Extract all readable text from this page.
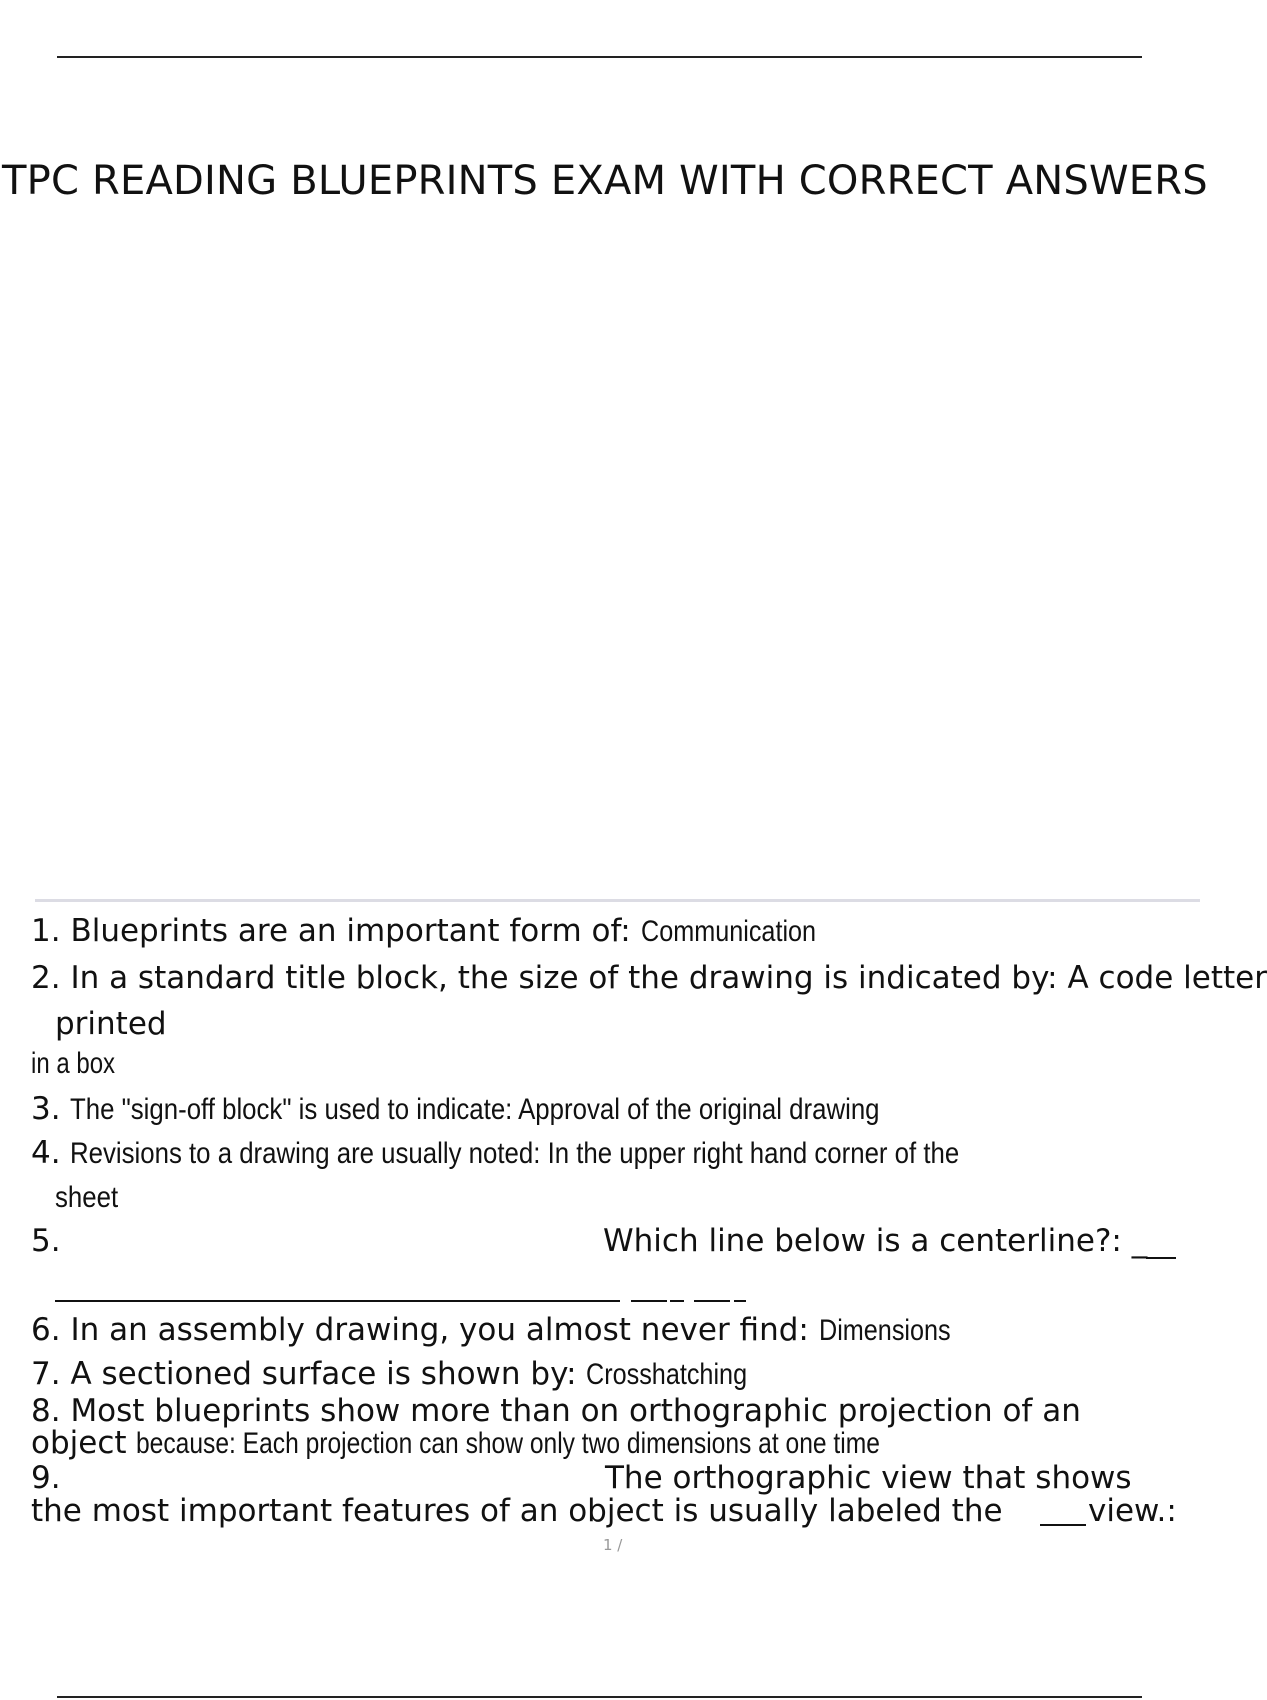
TPC READING BLUEPRINTS EXAM WITH CORRECT ANSWERS
1. Blueprints are an important form of: Communication
2. In a standard title block, the size of the drawing is indicated by: A code letter
printed
in a box
3. The "sign-off block" is used to indicate: Approval of the original drawing
4. Revisions to a drawing are usually noted: In the upper right hand corner of the
sheet
5.	Which line below is a centerline?: _
6. In an assembly drawing, you almost never find: Dimensions
7. A sectioned surface is shown by: Crosshatching
8. Most blueprints show more than on orthographic projection of an
object because: Each projection can show only two dimensions at one time
9.	The orthographic view that shows
the most important features of an object is usually labeled the	view.:
1 /
